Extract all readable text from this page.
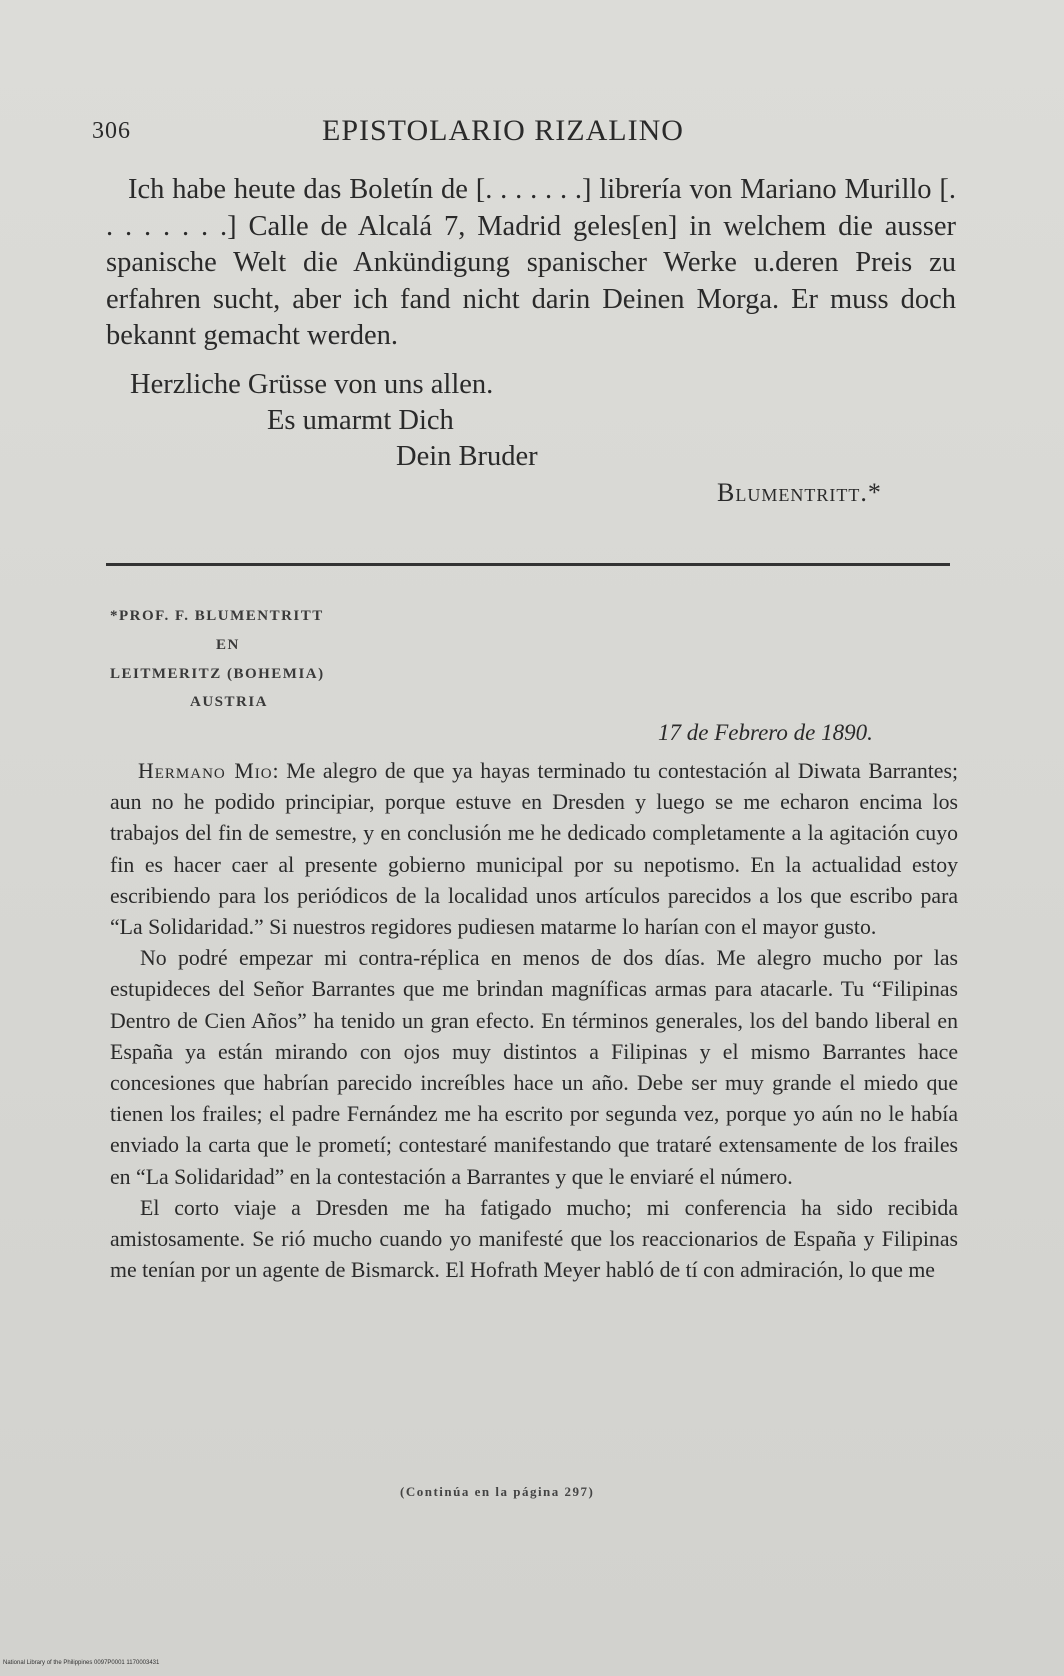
306	EPISTOLARIO RIZALINO

Ich habe heute das Boletín de [. . . . . . .] librería von Mariano Murillo [. . . . . . . .] Calle de Alcalá 7, Madrid geles[en] in welchem die ausser spanische Welt die Ankündigung spanischer Werke u.deren Preis zu erfahren sucht, aber ich fand nicht darin Deinen Morga. Er muss doch bekannt gemacht werden.

Herzliche Grüsse von uns allen.
Es umarmt Dich
Dein Bruder
Blumentritt.*
*PROF. F. BLUMENTRITT
EN
LEITMERITZ (BOHEMIA)
AUSTRIA
17 de Febrero de 1890.

Hermano Mio: Me alegro de que ya hayas terminado tu contestación al Diwata Barrantes; aun no he podido principiar, porque estuve en Dresden y luego se me echaron encima los trabajos del fin de semestre, y en conclusión me he dedicado completamente a la agitación cuyo fin es hacer caer al presente gobierno municipal por su nepotismo. En la actualidad estoy escribiendo para los periódicos de la localidad unos artículos parecidos a los que escribo para “La Solidaridad.” Si nuestros regidores pudiesen matarme lo harían con el mayor gusto.

No podré empezar mi contra-réplica en menos de dos días. Me alegro mucho por las estupideces del Señor Barrantes que me brindan magníficas armas para atacarle. Tu “Filipinas Dentro de Cien Años” ha tenido un gran efecto. En términos generales, los del bando liberal en España ya están mirando con ojos muy distintos a Filipinas y el mismo Barrantes hace concesiones que habrían parecido increíbles hace un año. Debe ser muy grande el miedo que tienen los frailes; el padre Fernández me ha escrito por segunda vez, porque yo aún no le había enviado la carta que le prometí; contestaré manifestando que trataré extensamente de los frailes en “La Solidaridad” en la contestación a Barrantes y que le enviaré el número.

El corto viaje a Dresden me ha fatigado mucho; mi conferencia ha sido recibida amistosamente. Se rió mucho cuando yo manifesté que los reaccionarios de España y Filipinas me tenían por un agente de Bismarck. El Hofrath Meyer habló de tí con admiración, lo que me

(Continúa en la página 297)
National Library of the Philippines 0097P0001 1170003431
